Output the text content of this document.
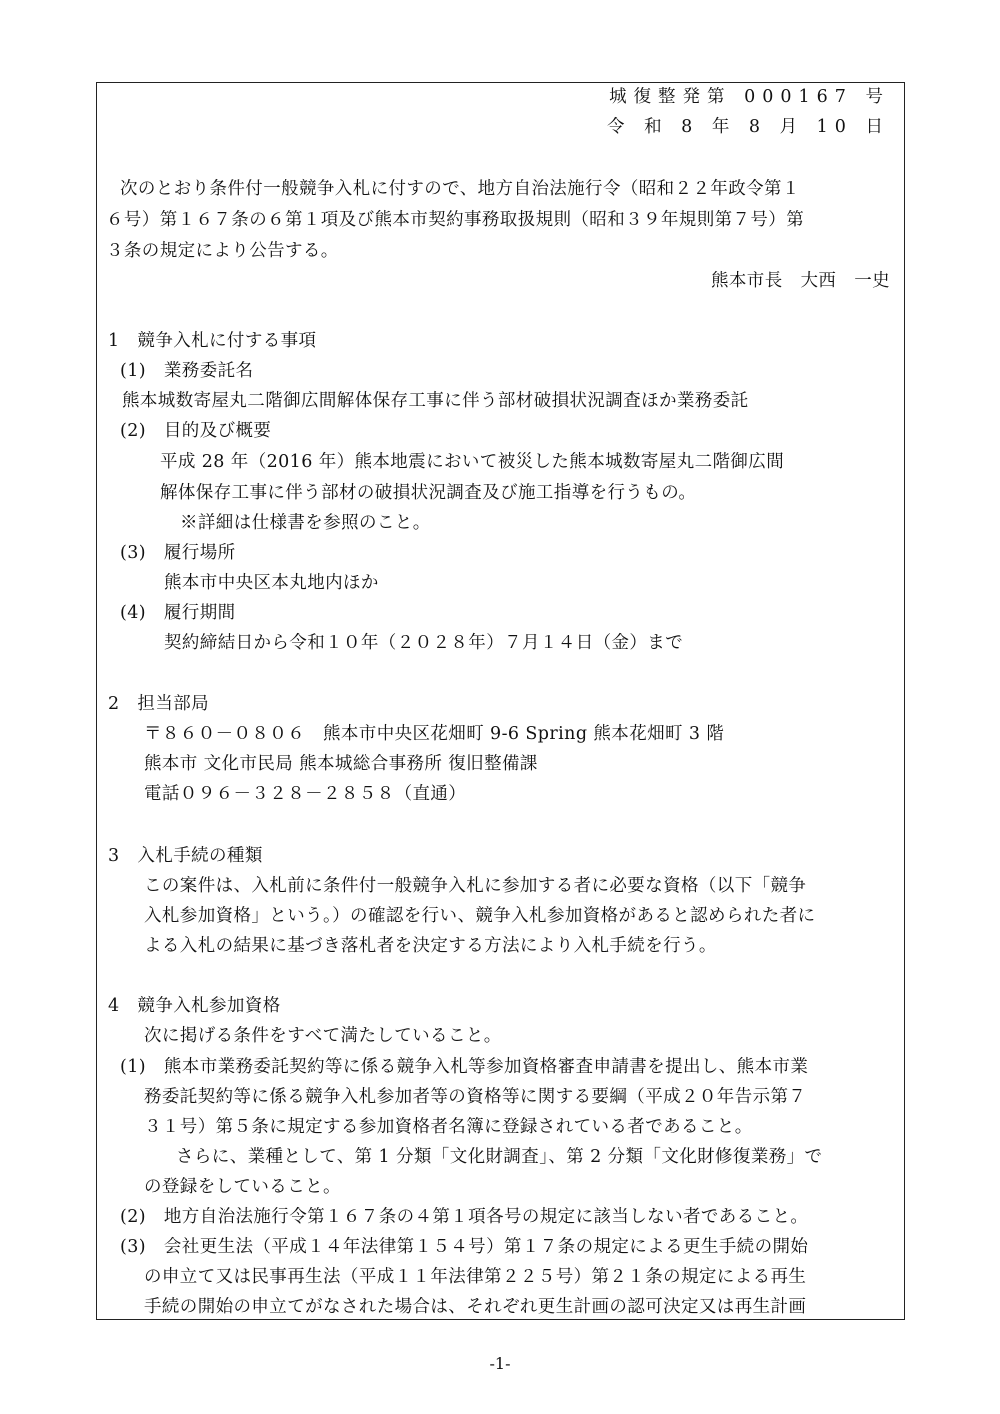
城復整発第 000167 号
令 和 8 年 8 月 10 日
次のとおり条件付一般競争入札に付すので、地方自治法施行令（昭和２２年政令第１
６号）第１６７条の６第１項及び熊本市契約事務取扱規則（昭和３９年規則第７号）第
３条の規定により公告する。
熊本市長　大西　一史
1　競争入札に付する事項
(1)　業務委託名
熊本城数寄屋丸二階御広間解体保存工事に伴う部材破損状況調査ほか業務委託
(2)　目的及び概要
平成 28 年（2016 年）熊本地震において被災した熊本城数寄屋丸二階御広間
解体保存工事に伴う部材の破損状況調査及び施工指導を行うもの。
※詳細は仕様書を参照のこと。
(3)　履行場所
熊本市中央区本丸地内ほか
(4)　履行期間
契約締結日から令和１０年（２０２８年）７月１４日（金）まで
2　担当部局
〒８６０－０８０６　熊本市中央区花畑町 9-6 Spring 熊本花畑町 3 階
熊本市 文化市民局 熊本城総合事務所 復旧整備課
電話０９６－３２８－２８５８（直通）
3　入札手続の種類
この案件は、入札前に条件付一般競争入札に参加する者に必要な資格（以下「競争
入札参加資格」という。）の確認を行い、競争入札参加資格があると認められた者に
よる入札の結果に基づき落札者を決定する方法により入札手続を行う。
4　競争入札参加資格
次に掲げる条件をすべて満たしていること。
(1)　熊本市業務委託契約等に係る競争入札等参加資格審査申請書を提出し、熊本市業
務委託契約等に係る競争入札参加者等の資格等に関する要綱（平成２０年告示第７
３１号）第５条に規定する参加資格者名簿に登録されている者であること。
さらに、業種として、第 1 分類「文化財調査」、第 2 分類「文化財修復業務」で
の登録をしていること。
(2)　地方自治法施行令第１６７条の４第１項各号の規定に該当しない者であること。
(3)　会社更生法（平成１４年法律第１５４号）第１７条の規定による更生手続の開始
の申立て又は民事再生法（平成１１年法律第２２５号）第２１条の規定による再生
手続の開始の申立てがなされた場合は、それぞれ更生計画の認可決定又は再生計画
-1-
